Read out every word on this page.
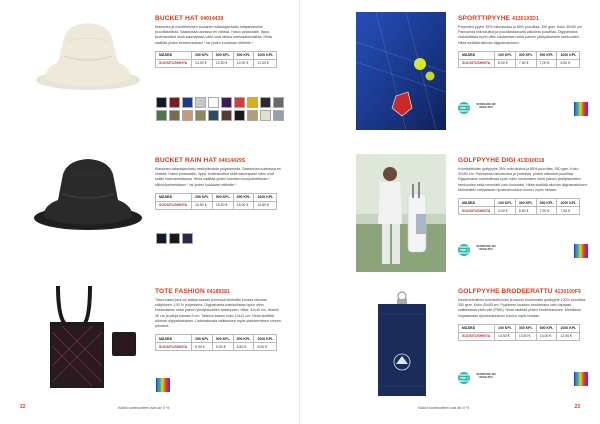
BUCKET HAT 04014439
Klassinen ja muotitietoinen tuotuinen kalastajanhattu hatiyamaisesti puuvillatwillsta. Saatavissa useassa eri värissä. Hatun pintaosalle, lippa, tuulensuoikut sekä saumapaan värin ovat tarkka mainosstosvalinta. Hinta sisältää yhden brodeerauksen * tai yhden kuukavan ettikette *
MÄÄRÄ	250 KPL	500 KPL	500 KPL	1000 KPL
SUOSITUSHINTA	13,00 €	12,50 €	12,00 €	11,50 €
BUCKET RAIN HAT 04014429S
Klassinen kalastajanhattu vesihylkivästä polyesterista. Saatavissa kolmessa eri värissä. Hatun pintaosalle, lippa, tuulensuoikut sekä saumapaan värin ovat kaikki mainostettavissa. Hinta sisältää yhden kumisen kumipainettavan * silikonipainettuksen * tai yhden kuukavan ettikette *
MÄÄRÄ	250 KPL	500 KPL	500 KPL	1000 KPL
SUOSITUSHINTA	16,50 €	15,50 €	15,00 €	14,50 €
TOTE FASHION 04189281
Tilava kassi joka voi taittaa kasaan pienessä kiinteään koossa olevaan säilykkeen. 100 % polyesteria. Digipainanta mahdollistaa hyvin värin toistamiseen sekä painon yksityiskohtien tarkkuuden. Mitat: 42x40 cm, lahtoöt 26 cm ja pituja kanssa 9 cm. Taitetun kassin koko 13x12 cm. Hinta sisältää alloivan digipainatuksen. Lisämaksusta valittavissa myös yksinkertaisen screen-painatus.
MÄÄRÄ	250 KPL	500 KPL	500 KPL	1000 KPL
SUOSITUSHINTA	9,90 €	9,00 €	8,50 €	8,00 €
22	Kaikki tuotetuotteet ovat alv 0 %
SPORTTIPYYHE 4130103D1
Polyesteri pyyhe 35% mikrokuitua ja 65% puuvillaa, 350 gsm. Koko 30x50 cm. Painopinta mikrokuitua ja puuvillastaosalta valkoista puuvillaa. Digipainatus mahdollistaa hyvin värin toistamisen sekä painon yksityiskohtien tarkkuuden. Hinta sisältää alloivan digipainatuksen.
MÄÄRÄ	100 KPL	300 KPL	500 KPL	1000 KPL
SUOSITUSHINTA	8,00 €	7,50 €	7,00 €	6,50 €
ORDER TIME 4 WEEKS
STANDARD 100
OEKO-TEX
GOLFPYYHE DIGI 413010D18
Kolmitaittuvien golfpyyhe 35% mikrokuitua ja 65% puuvillaa, 350 gsm. Koko 30x50 cm. Painopinta mikrokuitua ja puvilasta, pintoa valkoista puuvillaa. Digipainatus mahdollistaa hyvin värin toistamisen sekä painon yksityiskohtien tarkkuuden sekä neonvärit vain huomaksi. Hinta sisältää alloivan digipainatuksen. Mainitusten heijastavan ripustuskoukkun kuuluu myös hintaan.
MÄÄRÄ	100 KPL	300 KPL	500 KPL	1000 KPL
SUOSITUSHINTA	9,00 €	8,50 €	7,90 €	7,50 €
ORDER TIME 4 WEEKS
STANDARD 100
OEKO-TEX
GOLFPYYHE BRODEERATTU 4130100F9
Kestävinhoilinen kolmiseikuiuttu ja kaunis brodeerattu golfpyyhe 100% puuvillaa, 350 gsm. Koko 40x50 cm. Pyyhkeen kudetus brodeeraus vain vapaasti valittavassa värin väri (PMS). Hinta sisältää yhden brodeerauksen. Metallinen heijastavaan ripustuskoukkun kuuluu myös hintaan.
MÄÄRÄ	100 KPL	300 KPL	500 KPL	1000 KPL
SUOSITUSHINTA	14,50 €	13,50 €	13,00 €	12,50 €
ORDER TIME 4 WEEKS
STANDARD 100
OEKO-TEX
23
Kaikki tuotetuotteet ovat alv 0 %
